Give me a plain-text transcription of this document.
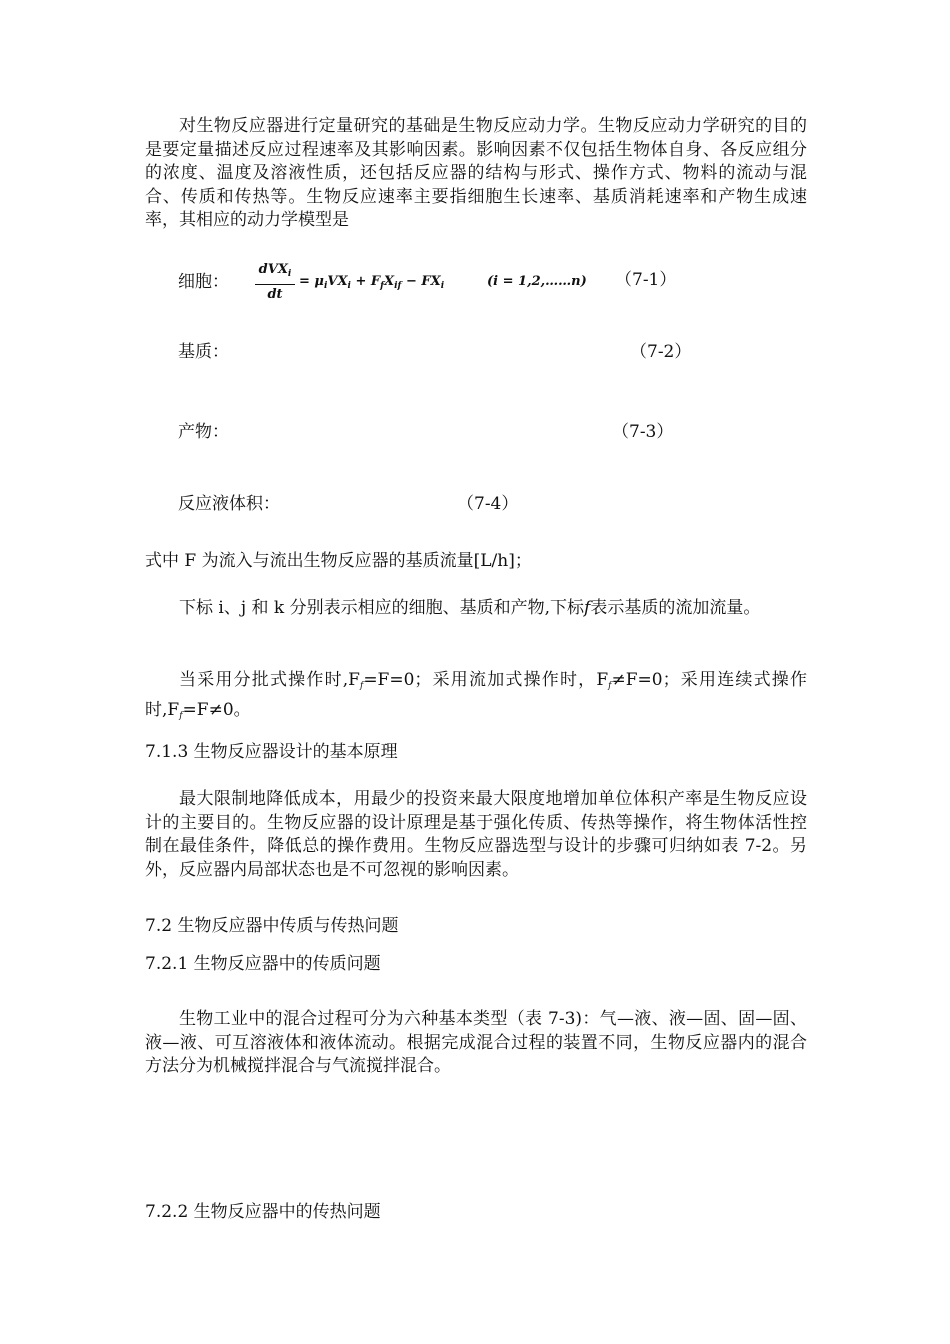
对生物反应器进行定量研究的基础是生物反应动力学。生物反应动力学研究的目的是要定量描述反应过程速率及其影响因素。影响因素不仅包括生物体自身、各反应组分的浓度、温度及溶液性质，还包括反应器的结构与形式、操作方式、物料的流动与混合、传质和传热等。生物反应速率主要指细胞生长速率、基质消耗速率和产物生成速率，其相应的动力学模型是

细胞：
dVX$_i$
dt
= $\mu_iVX_i + F_fX_{if} - FX_i$	(i = 1,2,……n) （7-1）
基质：	（7-2）
产物：	（7-3）
反应液体积：	（7-4）

式中 F 为流入与流出生物反应器的基质流量[L/h]；

下标 i、j 和 k 分别表示相应的细胞、基质和产物,下标f表示基质的流加流量。

当采用分批式操作时$,F_f=F=0$；采用流加式操作时，$F_f\ne F=0$；采用连续式操作时$,F_f=F\ne 0$。

7.1.3 生物反应器设计的基本原理

最大限制地降低成本，用最少的投资来最大限度地增加单位体积产率是生物反应设计的主要目的。生物反应器的设计原理是基于强化传质、传热等操作，将生物体活性控制在最佳条件，降低总的操作费用。生物反应器选型与设计的步骤可归纳如表 7-2。另外，反应器内局部状态也是不可忽视的影响因素。

7.2 生物反应器中传质与传热问题
7.2.1 生物反应器中的传质问题

生物工业中的混合过程可分为六种基本类型（表 7-3)：气—液、液—固、固—固、液—液、可互溶液体和液体流动。根据完成混合过程的装置不同，生物反应器内的混合方法分为机械搅拌混合与气流搅拌混合。

7.2.2 生物反应器中的传热问题
